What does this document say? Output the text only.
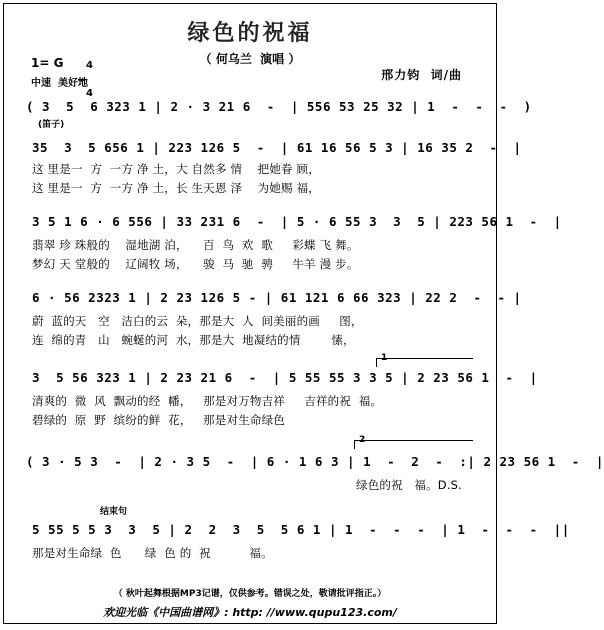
绿色的祝福
（ 何乌兰  演唱 ）
邢力钧  词/曲
1= G	4

4

中速  美好地
( 3  5  6 323 1 | 2 · 3 21 6  -  | 556 53 25 32 | 1  -  -  -  )
(笛子)
35  3  5 656 1 | 223 126 5  -  | 61 16 56 5 3 | 16 35 2  -  |
这 里是一  方  一方 净 土，大 自然多 情    把她眷 顾，
这 里是一  方  一方 净 土，长 生天恩 泽    为她赐 福，
3 5 1 6 · 6 556 | 33 231 6  -  | 5 · 6 55 3  3  5 | 223 56 1  -  |
翡翠 珍 珠般的    湿地湖 泊，    百  鸟  欢  歌     彩蝶 飞 舞。
梦幻 天 堂般的    辽阔牧 场，    骏  马  驰  骋     牛羊 漫 步。
6 · 56 2323 1 | 2 23 126 5 - | 61 121 6 66 323 | 22 2  -  - |
蔚  蓝的天   空   洁白的云  朵，那是大  人  间美丽的画     图，
连  绵的青   山   蜿蜒的河  水，那是大  地凝结的情        愫，

1

3  5 56 323 1 | 2 23 21 6  -  | 5 55 55 3 3 5 | 2 23 56 1  -  |
清爽的  微  风  飘动的经  幡，   那是对万物吉祥     吉祥的祝  福。
碧绿的  原  野  缤纷的鲜  花，   那是对生命绿色

2

( 3 · 5 3  -  | 2 · 3 5  -  | 6 · 1 6 3 | 1  -  2  -  :| 2 23 56 1  -  |
绿色的祝   福。D.S.
结束句
5 55 5 5 3  3  5 | 2  2  3  5  5 6 1 | 1  -  -  -  | 1  -  -  -  ||
那是对生命绿  色      绿  色 的  祝          福。
（ 秋叶起舞根据MP3记谱，仅供参考。错误之处，敬请批评指正。）
欢迎光临《中国曲谱网》: http: //www.qupu123.com/
